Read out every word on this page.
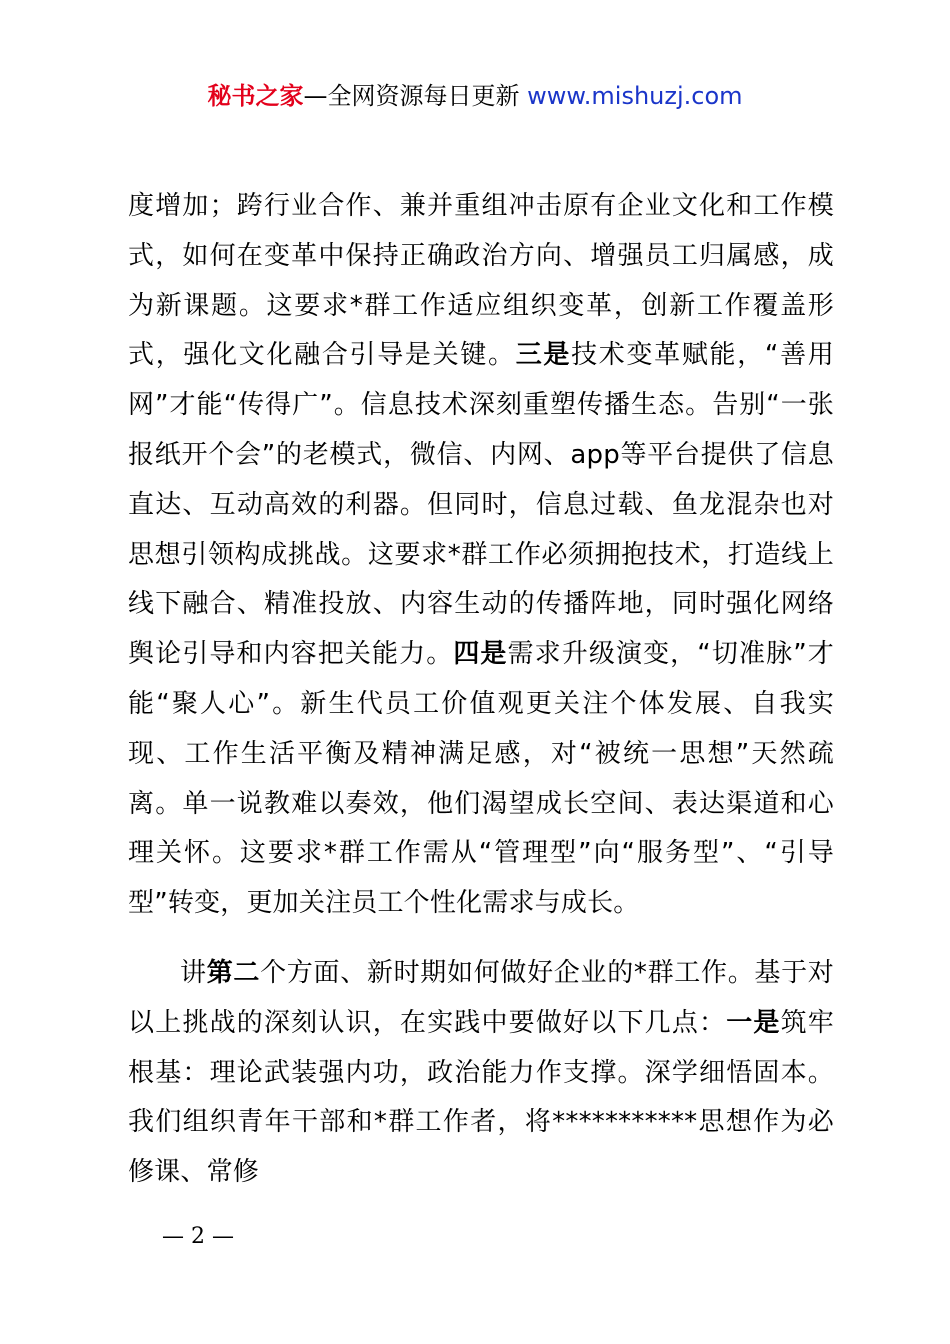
秘书之家—全网资源每日更新 www.mishuzj.com

度增加；跨行业合作、兼并重组冲击原有企业文化和工作模式，如何在变革中保持正确政治方向、增强员工归属感，成为新课题。这要求*群工作适应组织变革，创新工作覆盖形式，强化文化融合引导是关键。三是技术变革赋能，“善用网”才能“传得广”。信息技术深刻重塑传播生态。告别“一张报纸开个会”的老模式，微信、内网、app等平台提供了信息直达、互动高效的利器。但同时，信息过载、鱼龙混杂也对思想引领构成挑战。这要求*群工作必须拥抱技术，打造线上线下融合、精准投放、内容生动的传播阵地，同时强化网络舆论引导和内容把关能力。四是需求升级演变，“切准脉”才能“聚人心”。新生代员工价值观更关注个体发展、自我实现、工作生活平衡及精神满足感，对“被统一思想”天然疏离。单一说教难以奏效，他们渴望成长空间、表达渠道和心理关怀。这要求*群工作需从“管理型”向“服务型”、“引导型”转变，更加关注员工个性化需求与成长。

讲第二个方面、新时期如何做好企业的*群工作。基于对以上挑战的深刻认识，在实践中要做好以下几点：一是筑牢根基：理论武装强内功，政治能力作支撑。深学细悟固本。我们组织青年干部和*群工作者，将***********思想作为必修课、常修

— 2 —
